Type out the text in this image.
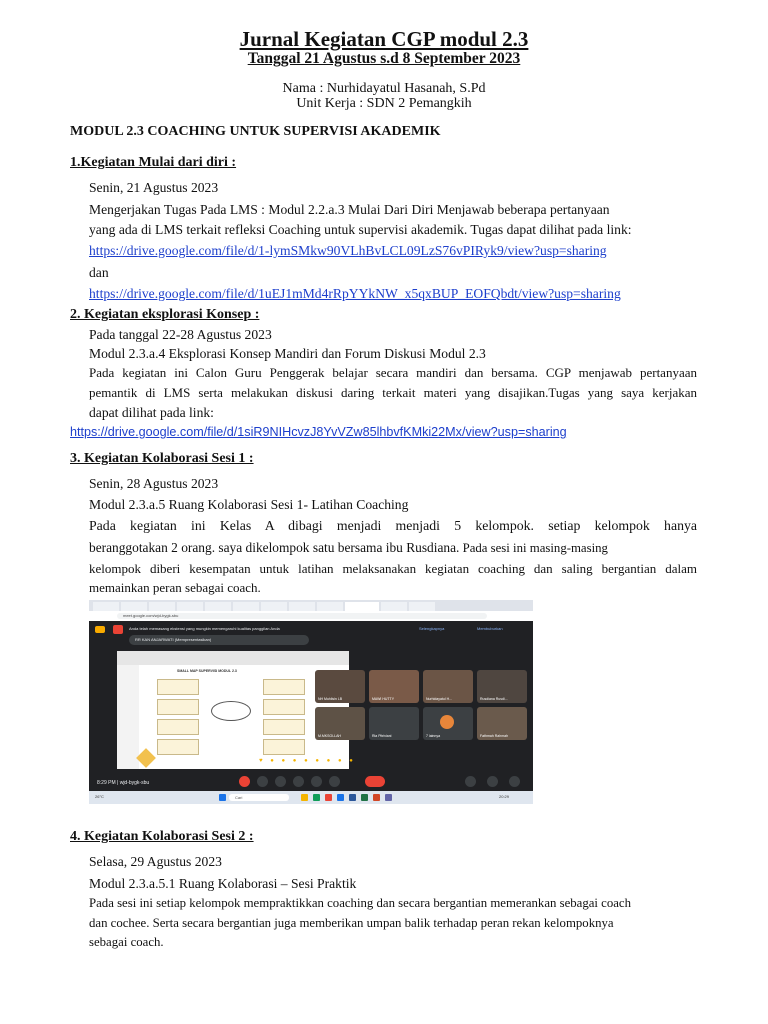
Jurnal Kegiatan CGP modul 2.3
Tanggal 21 Agustus s.d 8 September 2023
Nama : Nurhidayatul Hasanah, S.Pd
Unit Kerja : SDN 2 Pemangkih
MODUL 2.3 COACHING UNTUK SUPERVISI AKADEMIK
1.Kegiatan Mulai dari diri :
Senin, 21 Agustus 2023
Mengerjakan Tugas Pada LMS : Modul 2.2.a.3 Mulai Dari Diri Menjawab beberapa pertanyaan
yang ada di LMS terkait refleksi Coaching untuk supervisi akademik. Tugas dapat dilihat pada link:
https://drive.google.com/file/d/1-lymSMkw90VLhBvLCL09LzS76vPIRyk9/view?usp=sharing
dan
https://drive.google.com/file/d/1uEJ1mMd4rRpYYkNW_x5qxBUP_EOFQbdt/view?usp=sharing
2. Kegiatan eksplorasi Konsep :
Pada tanggal 22-28 Agustus 2023
Modul 2.3.a.4 Eksplorasi Konsep Mandiri dan Forum Diskusi Modul 2.3
Pada kegiatan ini Calon Guru Penggerak belajar secara mandiri dan bersama. CGP menjawab pertanyaan
pemantik di LMS serta melakukan diskusi daring terkait materi yang disajikan.Tugas yang saya kerjakan
dapat dilihat pada link:
https://drive.google.com/file/d/1siR9NIHcvzJ8YvVZw85lhbvfKMki22Mx/view?usp=sharing
3. Kegiatan Kolaborasi Sesi 1 :
Senin, 28 Agustus 2023
Modul 2.3.a.5 Ruang Kolaborasi Sesi 1- Latihan Coaching
Pada kegiatan ini Kelas A dibagi menjadi menjadi 5 kelompok. setiap kelompok hanya
beranggotakan 2 orang. saya dikelompok satu bersama ibu Rusdiana. Pada sesi ini masing-masing
kelompok diberi kesempatan untuk latihan melaksanakan kegiatan coaching dan saling bergantian dalam
memainkan peran sebagai coach.
meet.google.com/wjd-bygk-sbu
Anda telah memasang ekstensi yang mungkin memengaruhi kualitas panggilan Anda	Selengkapnya	Membuburkan
RR KAN ANJARWATI (Mempresentasikan)
SMALL MAP SUPERVISI MODUL 2.3
NH Muhlisin LB	MAWI HUTTY	Nurhidayatul H...	Rusdiana Rusdi...
M.MKSOLLAH	Ria Pitriviani	7 lainnya	Fathmah Rahmah
♥ ● ● ● ● ● ● ● ●
8:29 PM | wjd-bygk-sbu
26°C	Cari	20:29
4. Kegiatan Kolaborasi Sesi 2 :
Selasa, 29 Agustus 2023
Modul 2.3.a.5.1 Ruang Kolaborasi – Sesi Praktik
Pada sesi ini setiap kelompok mempraktikkan coaching dan secara bergantian memerankan sebagai coach
dan cochee. Serta secara bergantian juga memberikan umpan balik terhadap peran rekan kelompoknya
sebagai coach.
